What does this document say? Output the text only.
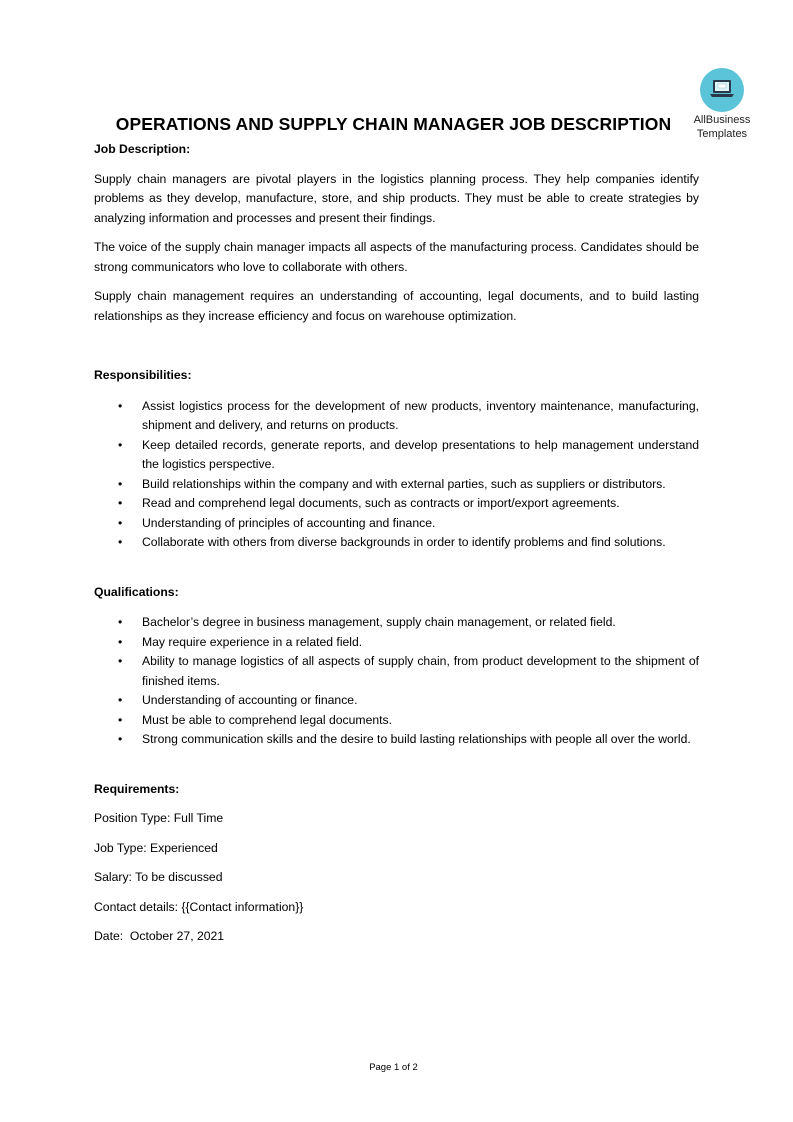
AllBusiness
Templates
OPERATIONS AND SUPPLY CHAIN MANAGER JOB DESCRIPTION

Job Description:

Supply chain managers are pivotal players in the logistics planning process. They help companies identify problems as they develop, manufacture, store, and ship products. They must be able to create strategies by analyzing information and processes and present their findings.

The voice of the supply chain manager impacts all aspects of the manufacturing process. Candidates should be strong communicators who love to collaborate with others.

Supply chain management requires an understanding of accounting, legal documents, and to build lasting relationships as they increase efficiency and focus on warehouse optimization.

Responsibilities:

• Assist logistics process for the development of new products, inventory maintenance, manufacturing, shipment and delivery, and returns on products.
• Keep detailed records, generate reports, and develop presentations to help management understand the logistics perspective.
• Build relationships within the company and with external parties, such as suppliers or distributors.
• Read and comprehend legal documents, such as contracts or import/export agreements.
• Understanding of principles of accounting and finance.
• Collaborate with others from diverse backgrounds in order to identify problems and find solutions.

Qualifications:

• Bachelor’s degree in business management, supply chain management, or related field.
• May require experience in a related field.
• Ability to manage logistics of all aspects of supply chain, from product development to the shipment of finished items.
• Understanding of accounting or finance.
• Must be able to comprehend legal documents.
• Strong communication skills and the desire to build lasting relationships with people all over the world.

Requirements:

Position Type: Full Time

Job Type: Experienced

Salary: To be discussed

Contact details: {{Contact information}}

Date:  October 27, 2021

Page 1 of 2
